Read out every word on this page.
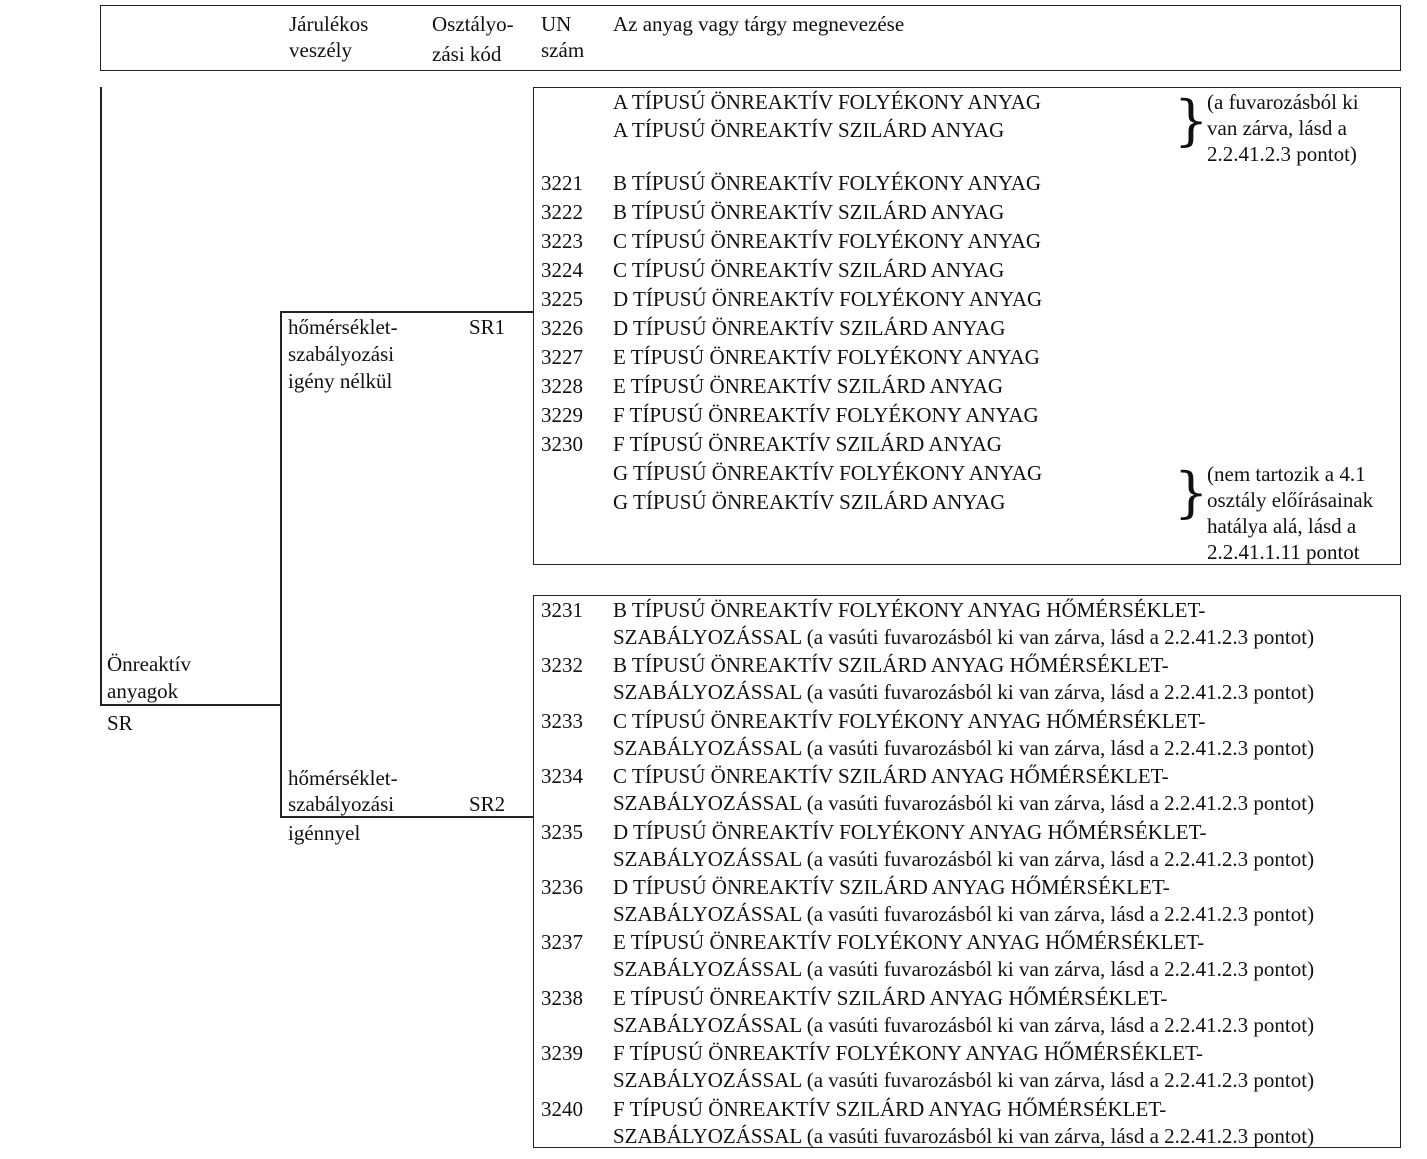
Járulékos
veszély
Osztályo-
zási kód
UN
szám
Az anyag vagy tárgy megnevezése
Önreaktív
anyagok
SR
hőmérséklet-
szabályozási
igény nélkül
SR1
hőmérséklet-
szabályozási
igénnyel
SR2
A TÍPUSÚ ÖNREAKTÍV FOLYÉKONY ANYAG
A TÍPUSÚ ÖNREAKTÍV SZILÁRD ANYAG
3221 B TÍPUSÚ ÖNREAKTÍV FOLYÉKONY ANYAG
3222 B TÍPUSÚ ÖNREAKTÍV SZILÁRD ANYAG
3223 C TÍPUSÚ ÖNREAKTÍV FOLYÉKONY ANYAG
3224 C TÍPUSÚ ÖNREAKTÍV SZILÁRD ANYAG
3225 D TÍPUSÚ ÖNREAKTÍV FOLYÉKONY ANYAG
3226 D TÍPUSÚ ÖNREAKTÍV SZILÁRD ANYAG
3227 E TÍPUSÚ ÖNREAKTÍV FOLYÉKONY ANYAG
3228 E TÍPUSÚ ÖNREAKTÍV SZILÁRD ANYAG
3229 F TÍPUSÚ ÖNREAKTÍV FOLYÉKONY ANYAG
3230 F TÍPUSÚ ÖNREAKTÍV SZILÁRD ANYAG
G TÍPUSÚ ÖNREAKTÍV FOLYÉKONY ANYAG
G TÍPUSÚ ÖNREAKTÍV SZILÁRD ANYAG
}
(a fuvarozásból ki
van zárva, lásd a
2.2.41.2.3 pontot)
}
(nem tartozik a 4.1
osztály előírásainak
hatálya alá, lásd a
2.2.41.1.11 pontot
3231 B TÍPUSÚ ÖNREAKTÍV FOLYÉKONY ANYAG HŐMÉRSÉKLET-
SZABÁLYOZÁSSAL (a vasúti fuvarozásból ki van zárva, lásd a 2.2.41.2.3 pontot)
3232 B TÍPUSÚ ÖNREAKTÍV SZILÁRD ANYAG HŐMÉRSÉKLET-
SZABÁLYOZÁSSAL (a vasúti fuvarozásból ki van zárva, lásd a 2.2.41.2.3 pontot)
3233 C TÍPUSÚ ÖNREAKTÍV FOLYÉKONY ANYAG HŐMÉRSÉKLET-
SZABÁLYOZÁSSAL (a vasúti fuvarozásból ki van zárva, lásd a 2.2.41.2.3 pontot)
3234 C TÍPUSÚ ÖNREAKTÍV SZILÁRD ANYAG HŐMÉRSÉKLET-
SZABÁLYOZÁSSAL (a vasúti fuvarozásból ki van zárva, lásd a 2.2.41.2.3 pontot)
3235 D TÍPUSÚ ÖNREAKTÍV FOLYÉKONY ANYAG HŐMÉRSÉKLET-
SZABÁLYOZÁSSAL (a vasúti fuvarozásból ki van zárva, lásd a 2.2.41.2.3 pontot)
3236 D TÍPUSÚ ÖNREAKTÍV SZILÁRD ANYAG HŐMÉRSÉKLET-
SZABÁLYOZÁSSAL (a vasúti fuvarozásból ki van zárva, lásd a 2.2.41.2.3 pontot)
3237 E TÍPUSÚ ÖNREAKTÍV FOLYÉKONY ANYAG HŐMÉRSÉKLET-
SZABÁLYOZÁSSAL (a vasúti fuvarozásból ki van zárva, lásd a 2.2.41.2.3 pontot)
3238 E TÍPUSÚ ÖNREAKTÍV SZILÁRD ANYAG HŐMÉRSÉKLET-
SZABÁLYOZÁSSAL (a vasúti fuvarozásból ki van zárva, lásd a 2.2.41.2.3 pontot)
3239 F TÍPUSÚ ÖNREAKTÍV FOLYÉKONY ANYAG HŐMÉRSÉKLET-
SZABÁLYOZÁSSAL (a vasúti fuvarozásból ki van zárva, lásd a 2.2.41.2.3 pontot)
3240 F TÍPUSÚ ÖNREAKTÍV SZILÁRD ANYAG HŐMÉRSÉKLET-
SZABÁLYOZÁSSAL (a vasúti fuvarozásból ki van zárva, lásd a 2.2.41.2.3 pontot)
